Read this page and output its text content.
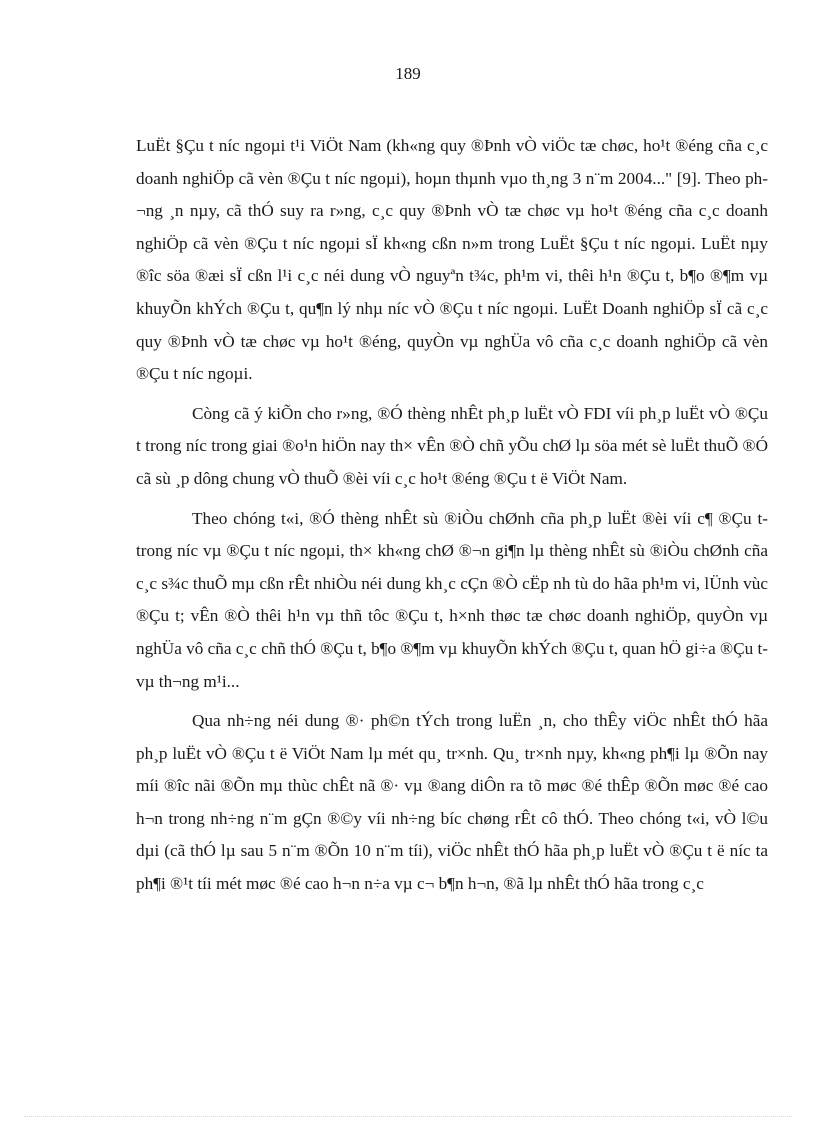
189

LuËt §Çu t níc ngoµi t¹i ViÖt Nam (kh«ng quy ®Þnh vÒ viÖc tæ chøc, ho¹t ®éng cña c¸c doanh nghiÖp cã vèn ®Çu t níc ngoµi), hoµn thµnh vµo th¸ng 3 n¨m 2004..." [9]. Theo ph¬ng ¸n nµy, cã thÓ suy ra r»ng, c¸c quy ®Þnh vÒ tæ chøc vµ ho¹t ®éng cña c¸c doanh nghiÖp cã vèn ®Çu t níc ngoµi sÏ kh«ng cßn n»m trong LuËt §Çu t níc ngoµi. LuËt nµy ®îc söa ®æi sÏ cßn l¹i c¸c néi dung vÒ nguyªn t¾c, ph¹m vi, thêi h¹n ®Çu t, b¶o ®¶m vµ khuyÕn khÝch ®Çu t, qu¶n lý nhµ níc vÒ ®Çu t níc ngoµi. LuËt Doanh nghiÖp sÏ cã c¸c quy ®Þnh vÒ tæ chøc vµ ho¹t ®éng, quyÒn vµ nghÜa vô cña c¸c doanh nghiÖp cã vèn ®Çu t níc ngoµi.

Còng cã ý kiÕn cho r»ng, ®Ó thèng nhÊt ph¸p luËt vÒ FDI víi ph¸p luËt vÒ ®Çu t trong níc trong giai ®o¹n hiÖn nay th× vÊn ®Ò chñ yÕu chØ lµ söa mét sè luËt thuÕ ®Ó cã sù ¸p dông chung vÒ thuÕ ®èi víi c¸c ho¹t ®éng ®Çu t ë ViÖt Nam.

Theo chóng t«i, ®Ó thèng nhÊt sù ®iÒu chØnh cña ph¸p luËt ®èi víi c¶ ®Çu t trong níc vµ ®Çu t níc ngoµi, th× kh«ng chØ ®¬n gi¶n lµ thèng nhÊt sù ®iÒu chØnh cña c¸c s¾c thuÕ mµ cßn rÊt nhiÒu néi dung kh¸c cÇn ®Ò cËp nh tù do hãa ph¹m vi, lÜnh vùc ®Çu t; vÊn ®Ò thêi h¹n vµ thñ tôc ®Çu t, h×nh thøc tæ chøc doanh nghiÖp, quyÒn vµ nghÜa vô cña c¸c chñ thÓ ®Çu t, b¶o ®¶m vµ khuyÕn khÝch ®Çu t, quan hÖ gi÷a ®Çu t vµ th¬ng m¹i...

Qua nh÷ng néi dung ®· ph©n tÝch trong luËn ¸n, cho thÊy viÖc nhÊt thÓ hãa ph¸p luËt vÒ ®Çu t ë ViÖt Nam lµ mét qu¸ tr×nh. Qu¸ tr×nh nµy, kh«ng ph¶i lµ ®Õn nay míi ®îc nãi ®Õn mµ thùc chÊt nã ®· vµ ®ang diÔn ra tõ møc ®é thÊp ®Õn møc ®é cao h¬n trong nh÷ng n¨m gÇn ®©y víi nh÷ng bíc chøng rÊt cô thÓ. Theo chóng t«i, vÒ l©u dµi (cã thÓ lµ sau 5 n¨m ®Õn 10 n¨m tíi), viÖc nhÊt thÓ hãa ph¸p luËt vÒ ®Çu t ë níc ta ph¶i ®¹t tíi mét møc ®é cao h¬n n÷a vµ c¬ b¶n h¬n, ®ã lµ nhÊt thÓ hãa trong c¸c
